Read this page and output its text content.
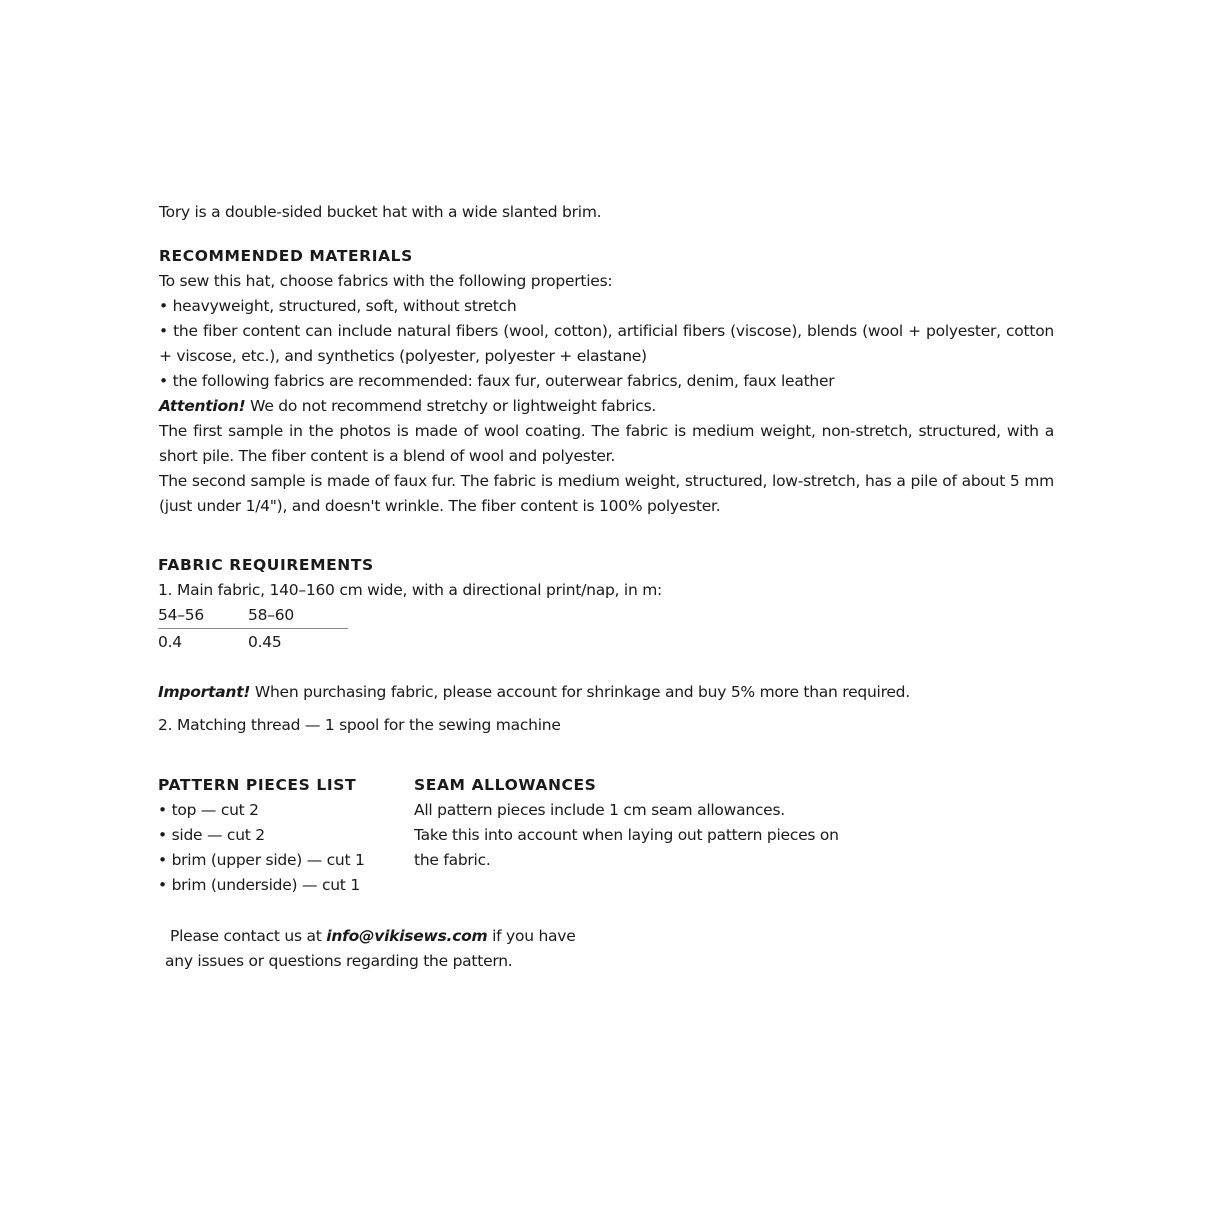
Tory is a double-sided bucket hat with a wide slanted brim.

RECOMMENDED MATERIALS

To sew this hat, choose fabrics with the following properties:

• heavyweight, structured, soft, without stretch

• the fiber content can include natural fibers (wool, cotton), artificial fibers (viscose), blends (wool + polyester, cotton + viscose, etc.), and synthetics (polyester, polyester + elastane)

• the following fabrics are recommended: faux fur, outerwear fabrics, denim, faux leather

Attention! We do not recommend stretchy or lightweight fabrics.

The first sample in the photos is made of wool coating. The fabric is medium weight, non-stretch, structured, with a short pile. The fiber content is a blend of wool and polyester.

The second sample is made of faux fur. The fabric is medium weight, structured, low-stretch, has a pile of about 5 mm (just under 1/4"), and doesn't wrinkle. The fiber content is 100% polyester.

FABRIC REQUIREMENTS

1. Main fabric, 140–160 cm wide, with a directional print/nap, in m:

54–56	58–60
0.4	0.45

Important! When purchasing fabric, please account for shrinkage and buy 5% more than required.

2. Matching thread — 1 spool for the sewing machine

PATTERN PIECES LIST

• top — cut 2

• side — cut 2

• brim (upper side) — cut 1

• brim (underside) — cut 1

SEAM ALLOWANCES

All pattern pieces include 1 cm seam allowances.

Take this into account when laying out pattern pieces on the fabric.

Please contact us at info@vikisews.com if you have any issues or questions regarding the pattern.
